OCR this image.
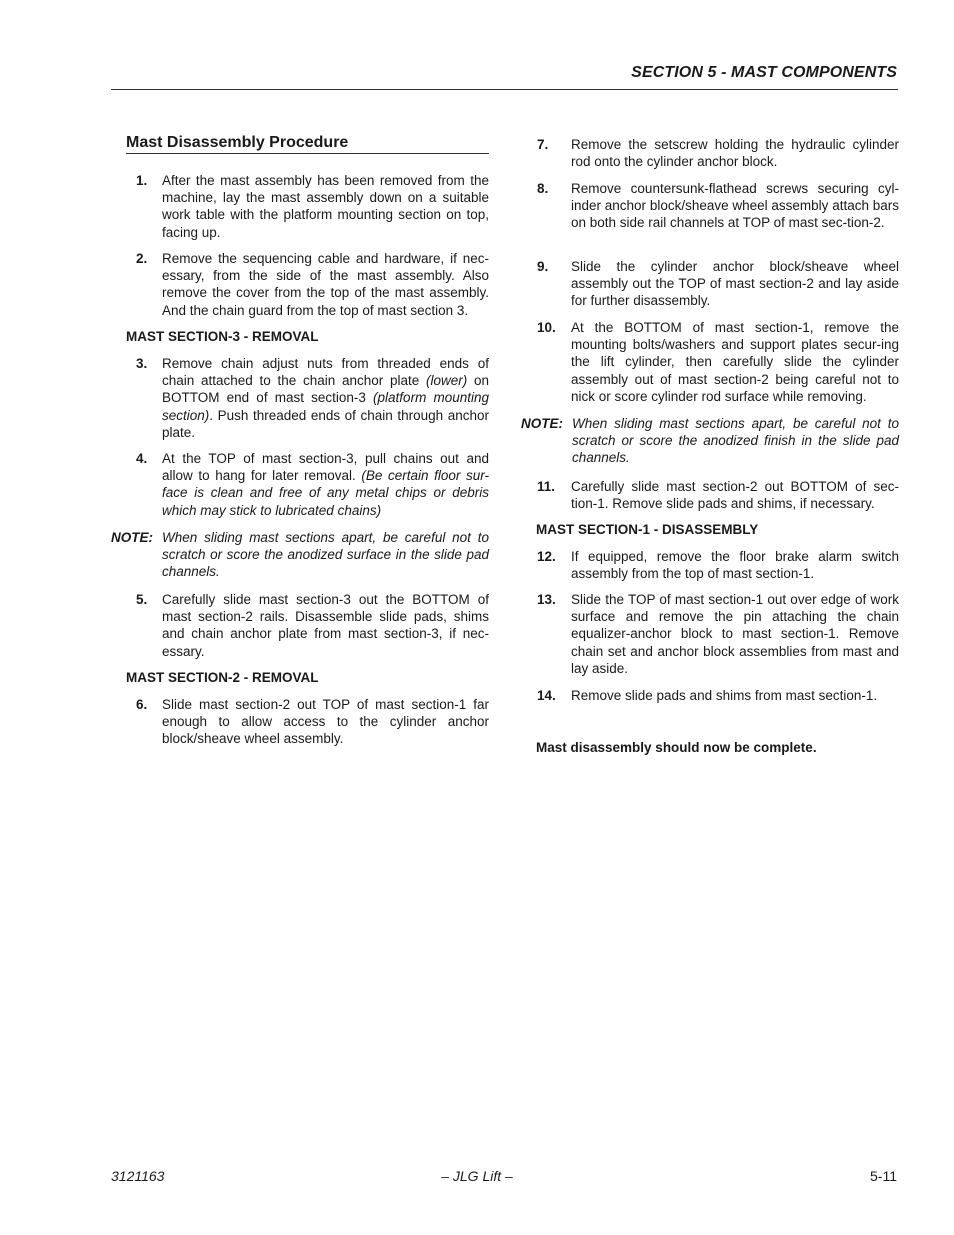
SECTION 5 - MAST COMPONENTS
Mast Disassembly Procedure
1.	After the mast assembly has been removed from the machine, lay the mast assembly down on a suitable work table with the platform mounting section on top, facing up.
2.	Remove the sequencing cable and hardware, if nec-essary, from the side of the mast assembly. Also remove the cover from the top of the mast assembly. And the chain guard from the top of mast section 3.
MAST SECTION-3 - REMOVAL
3.	Remove chain adjust nuts from threaded ends of chain attached to the chain anchor plate (lower) on BOTTOM end of mast section-3 (platform mounting section). Push threaded ends of chain through anchor plate.
4.	At the TOP of mast section-3, pull chains out and allow to hang for later removal. (Be certain floor sur-face is clean and free of any metal chips or debris which may stick to lubricated chains)
NOTE: When sliding mast sections apart, be careful not to scratch or score the anodized surface in the slide pad channels.
5.	Carefully slide mast section-3 out the BOTTOM of mast section-2 rails. Disassemble slide pads, shims and chain anchor plate from mast section-3, if nec-essary.
MAST SECTION-2 - REMOVAL
6.	Slide mast section-2 out TOP of mast section-1 far enough to allow access to the cylinder anchor block/sheave wheel assembly.
7.	Remove the setscrew holding the hydraulic cylinder rod onto the cylinder anchor block.
8.	Remove countersunk-flathead screws securing cyl-inder anchor block/sheave wheel assembly attach bars on both side rail channels at TOP of mast sec-tion-2.
9.	Slide the cylinder anchor block/sheave wheel assembly out the TOP of mast section-2 and lay aside for further disassembly.
10. At the BOTTOM of mast section-1, remove the mounting bolts/washers and support plates secur-ing the lift cylinder, then carefully slide the cylinder assembly out of mast section-2 being careful not to nick or score cylinder rod surface while removing.
NOTE: When sliding mast sections apart, be careful not to scratch or score the anodized finish in the slide pad channels.
11. Carefully slide mast section-2 out BOTTOM of sec-tion-1. Remove slide pads and shims, if necessary.
MAST SECTION-1 - DISASSEMBLY
12. If equipped, remove the floor brake alarm switch assembly from the top of mast section-1.
13. Slide the TOP of mast section-1 out over edge of work surface and remove the pin attaching the chain equalizer-anchor block to mast section-1. Remove chain set and anchor block assemblies from mast and lay aside.
14. Remove slide pads and shims from mast section-1.
Mast disassembly should now be complete.
3121163	– JLG Lift –	5-11
